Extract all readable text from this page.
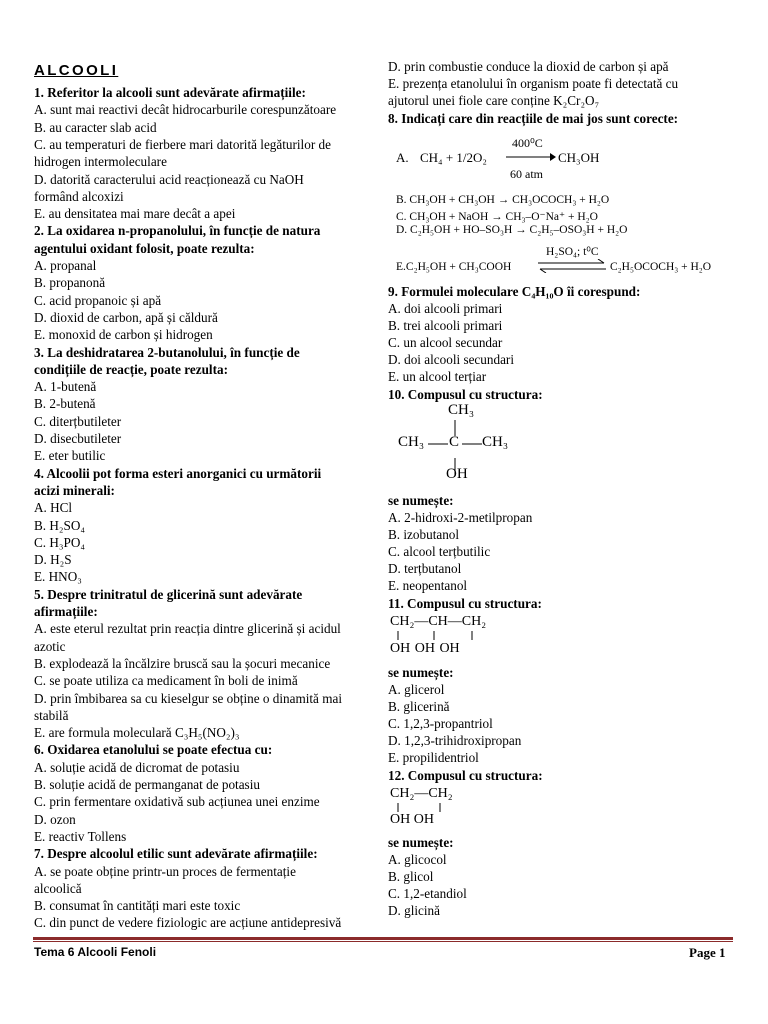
ALCOOLI
1. Referitor la alcooli sunt adevărate afirmațiile:
A. sunt mai reactivi decât hidrocarburile corespunzătoare
B. au caracter slab acid
C. au temperaturi de fierbere mari datorită legăturilor de
hidrogen intermoleculare
D. datorită caracterului acid reacționează cu NaOH
formând alcoxizi
E. au densitatea mai mare decât a apei
2. La oxidarea n-propanolului, în funcție de natura
agentului oxidant folosit, poate rezulta:
A. propanal
B. propanonă
C. acid propanoic și apă
D. dioxid de carbon, apă și căldură
E. monoxid de carbon și hidrogen
3. La deshidratarea 2-butanolului, în funcție de
condițiile de reacție, poate rezulta:
A. 1-butenă
B. 2-butenă
C. diterțbutileter
D. disecbutileter
E. eter butilic
4. Alcoolii pot forma esteri anorganici cu următorii
acizi minerali:
A. HCl
B. H₂SO₄
C. H₃PO₄
D. H₂S
E. HNO₃
5. Despre trinitratul de glicerină sunt adevărate
afirmațiile:
A. este eterul rezultat prin reacția dintre glicerină și acidul
azotic
B. explodează la încălzire bruscă sau la șocuri mecanice
C. se poate utiliza ca medicament în boli de inimă
D. prin îmbibarea sa cu kieselgur se obține o dinamită mai
stabilă
E. are formula moleculară C₃H₅(NO₂)₃
6. Oxidarea etanolului se poate efectua cu:
A. soluție acidă de dicromat de potasiu
B. soluție acidă de permanganat de potasiu
C. prin fermentare oxidativă sub acțiunea unei enzime
D. ozon
E. reactiv Tollens
7. Despre alcoolul etilic sunt adevărate afirmațiile:
A. se poate obține printr-un proces de fermentație
alcoolică
B. consumat în cantități mari este toxic
C. din punct de vedere fiziologic are acțiune antidepresivă
D. prin combustie conduce la dioxid de carbon și apă
E. prezența etanolului în organism poate fi detectată cu
ajutorul unei fiole care conține K₂Cr₂O₇
8. Indicați care din reacțiile de mai jos sunt corecte:
A. CH₄ + 1/2O₂
400⁰C
60 atm
CH₃OH
B. CH₃OH + CH₃OH → CH₃OCOCH₃ + H₂O
C. CH₃OH + NaOH → CH₃–O⁻Na⁺ + H₂O
D. C₂H₅OH + HO–SO₃H → C₂H₅–OSO₃H + H₂O
E.C₂H₅OH + CH₃COOH
H₂SO₄; t⁰C
C₂H₅OCOCH₃ + H₂O
9. Formulei moleculare C₄H₁₀O îi corespund:
A. doi alcooli primari
B. trei alcooli primari
C. un alcool secundar
D. doi alcooli secundari
E. un alcool terțiar
10. Compusul cu structura:
CH₃
CH₃ C CH₃
OH
se numește:
A. 2-hidroxi-2-metilpropan
B. izobutanol
C. alcool terțbutilic
D. terțbutanol
E. neopentanol
11. Compusul cu structura:
CH₂—CH—CH₂
OH OH OH
se numește:
A. glicerol
B. glicerină
C. 1,2,3-propantriol
D. 1,2,3-trihidroxipropan
E. propilidentriol
12. Compusul cu structura:
CH₂—CH₂
OH OH
se numește:
A. glicocol
B. glicol
C. 1,2-etandiol
D. glicină
Tema 6 Alcooli Fenoli	Page 1
